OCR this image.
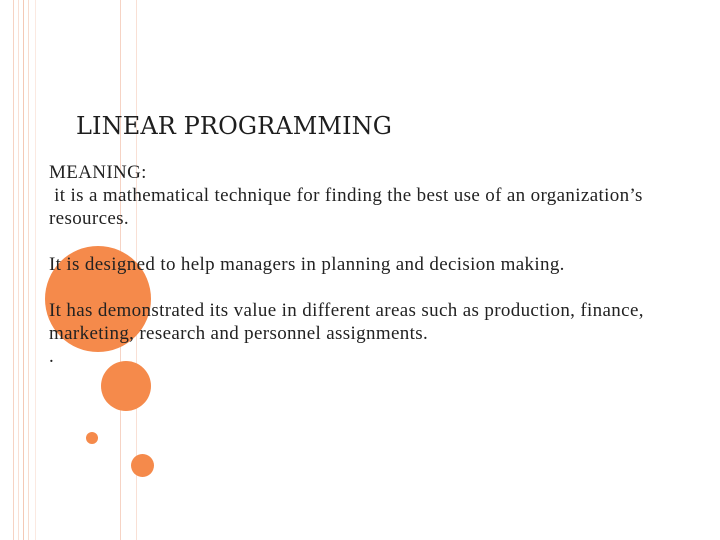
LINEAR PROGRAMMING

MEANING:

it is a mathematical technique for finding the best use of an organization’s resources.

It is designed to help managers in planning and decision making.

It has demonstrated its value in different areas such as production, finance, marketing, research and personnel assignments.

.
